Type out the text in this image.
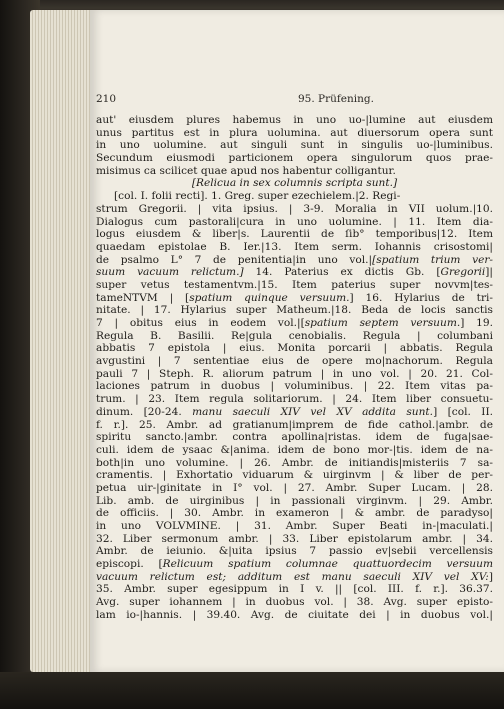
210	95. Prüfening.
aut' eiusdem plures habemus in uno uo-|lumine aut eiusdem
unus partitus est in plura uolumina. aut diuersorum opera sunt
in uno uolumine. aut singuli sunt in singulis uo-|luminibus.
Secundum eiusmodi particionem opera singulorum quos prae-
misimus ca scilicet quae apud nos habentur colligantur.
[Relicua in sex columnis scripta sunt.]
[col. I. folii recti]. 1. Greg. super ezechielem.|2. Regi-
strum Gregorii. | vita ipsius. | 3-9. Moralia in VII uolum.|10.
Dialogus cum pastorali|cura in uno uolumine. | 11. Item dia-
logus eiusdem & liber|s. Laurentii de ſib° temporibus|12. Item
quaedam epistolae B. Ier.|13. Item serm. Iohannis crisostomi|
de psalmo L° 7 de penitentia|in uno vol.|[spatium trium ver-
suum vacuum relictum.] 14. Paterius ex dictis Gb. [Gregorii]|
super vetus testamentvm.|15. Item paterius super novvm|tes-
tameNTVM | [spatium quinque versuum.] 16. Hylarius de tri-
nitate. | 17. Hylarius super Matheum.|18. Beda de locis sanctis
7 | obitus eius in eodem vol.|[spatium septem versuum.] 19.
Regula B. Basilii. Re|gula cenobialis. Regula | columbani
abbatis 7 epistola | eius. Monita porcarii | abbatis. Regula
avgustini | 7 sententiae eius de opere mo|nachorum. Regula
pauli 7 | Steph. R. aliorum patrum | in uno vol. | 20. 21. Col-
laciones patrum in duobus | voluminibus. | 22. Item vitas pa-
trum. | 23. Item regula solitariorum. | 24. Item liber consuetu-
dinum. [20-24. manu saeculi XIV vel XV addita sunt.] [col. II.
f. r.]. 25. Ambr. ad gratianum|imprem de fide cathol.|ambr. de
spiritu sancto.|ambr. contra apollina|ristas. idem de fuga|sae-
culi. idem de ysaac &|anima. idem de bono mor-|tis. idem de na-
both|in uno volumine. | 26. Ambr. de initiandis|misteriis 7 sa-
cramentis. | Exhortatio viduarum & uirginvm | & liber de per-
petua uir-|ginitate in I° vol. | 27. Ambr. Super Lucam. | 28.
Lib. amb. de uirginibus | in passionali virginvm. | 29. Ambr.
de officiis. | 30. Ambr. in exameron | & ambr. de paradyso|
in uno VOLVMINE. | 31. Ambr. Super Beati in-|maculati.|
32. Liber sermonum ambr. | 33. Liber epistolarum ambr. | 34.
Ambr. de ieiunio. &|uita ipsius 7 passio ev|sebii vercellensis
episcopi. [Relicuum spatium columnae quattuordecim versuum
vacuum relictum est; additum est manu saeculi XIV vel XV:]
35. Ambr. super egesippum in I v. || [col. III. f. r.]. 36.37.
Avg. super iohannem | in duobus vol. | 38. Avg. super episto-
lam io-|hannis. | 39.40. Avg. de ciuitate dei | in duobus vol.|
